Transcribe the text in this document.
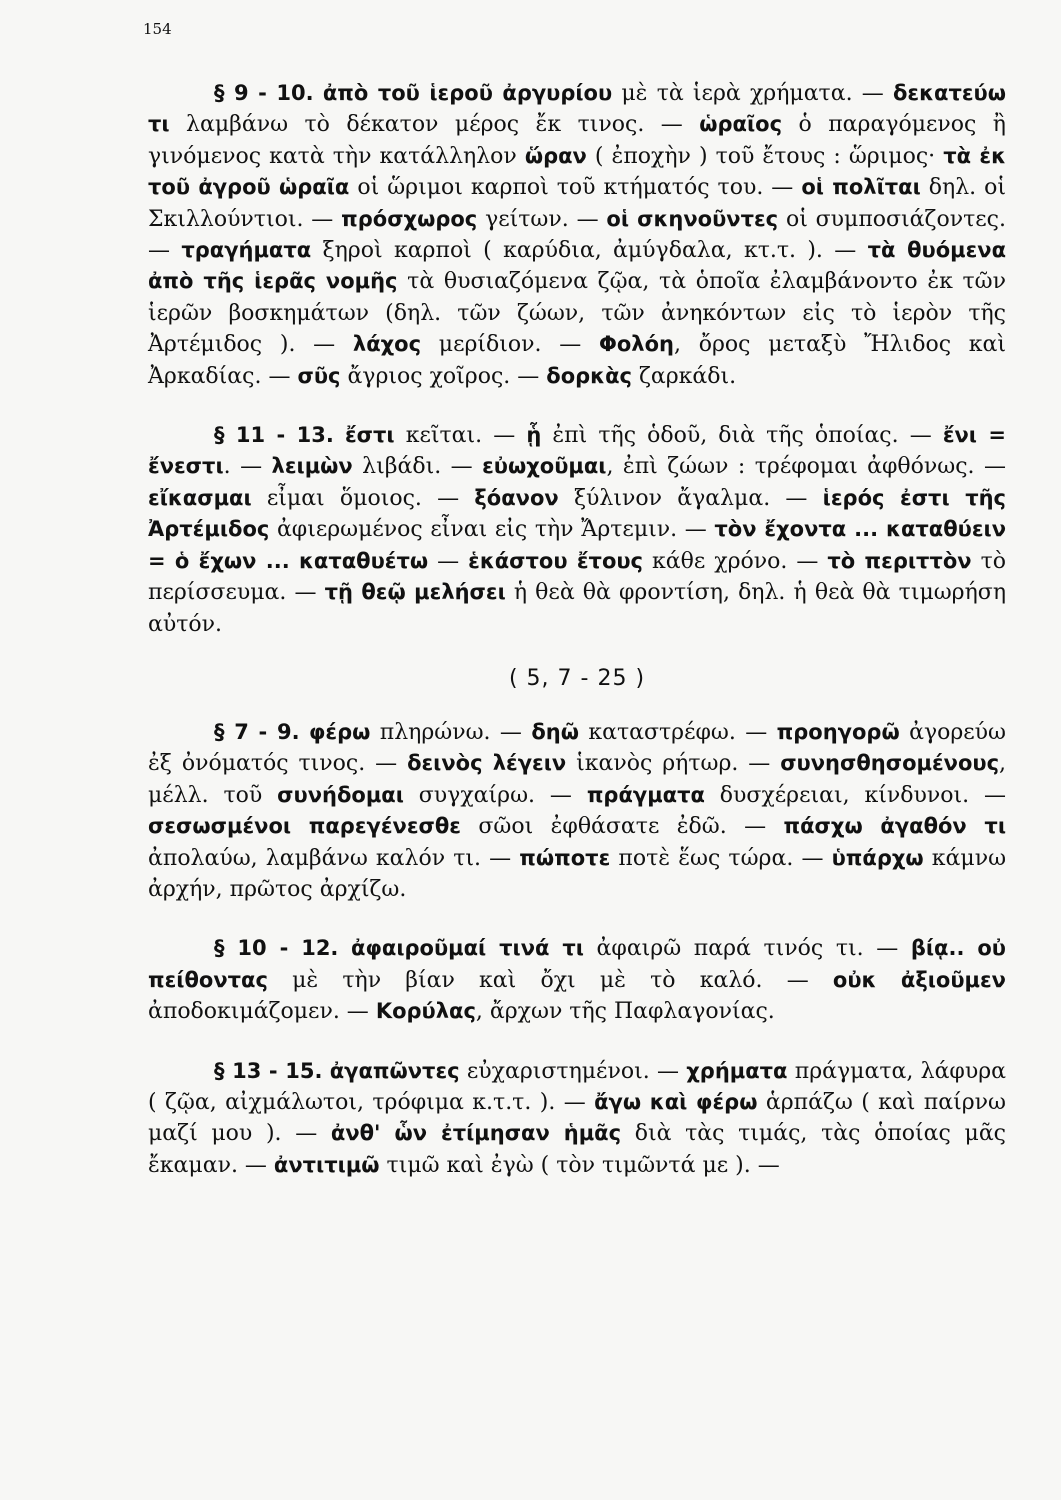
154

§ 9 - 10. ἀπὸ τοῦ ἱεροῦ ἀργυρίου μὲ τὰ ἱερὰ χρήματα. — δεκατεύω τι λαμβάνω τὸ δέκατον μέρος ἔκ τινος. — ὡραῖος ὁ παραγόμενος ἢ γινόμενος κατὰ τὴν κατάλληλον ὥραν ( ἐποχὴν ) τοῦ ἔτους : ὥριμος· τὰ ἐκ τοῦ ἀγροῦ ὡραῖα οἱ ὥριμοι καρποὶ τοῦ κτήματός του. — οἱ πολῖται δηλ. οἱ Σκιλλούντιοι. — πρόσχωρος γείτων. — οἱ σκηνοῦντες οἱ συμποσιάζοντες. — τραγήματα ξηροὶ καρποὶ ( καρύδια, ἀμύγδαλα, κτ.τ. ). — τὰ θυόμενα ἀπὸ τῆς ἱερᾶς νομῆς τὰ θυσιαζόμενα ζῷα, τὰ ὁποῖα ἐλαμβάνοντο ἐκ τῶν ἱερῶν βοσκημάτων (δηλ. τῶν ζώων, τῶν ἀνηκόντων εἰς τὸ ἱερὸν τῆς Ἀρτέμιδος ). — λάχος μερίδιον. — Φολόη, ὄρος μεταξὺ Ἤλιδος καὶ Ἀρκαδίας. — σῦς ἄγριος χοῖρος. — δορκὰς ζαρκάδι.

§ 11 - 13. ἔστι κεῖται. — ᾗ ἐπὶ τῆς ὁδοῦ, διὰ τῆς ὁποίας. — ἔνι = ἔνεστι. — λειμὼν λιβάδι. — εὐωχοῦμαι, ἐπὶ ζώων : τρέφομαι ἀφθόνως. — εἴκασμαι εἶμαι ὅμοιος. — ξόανον ξύλινον ἄγαλμα. — ἱερός ἐστι τῆς Ἀρτέμιδος ἀφιερωμένος εἶναι εἰς τὴν Ἄρτεμιν. — τὸν ἔχοντα ... καταθύειν = ὁ ἔχων ... καταθυέτω — ἑκάστου ἔτους κάθε χρόνο. — τὸ περιττὸν τὸ περίσσευμα. — τῇ θεῷ μελήσει ἡ θεὰ θὰ φροντίση, δηλ. ἡ θεὰ θὰ τιμωρήση αὐτόν.

( 5, 7 - 25 )

§ 7 - 9. φέρω πληρώνω. — δηῶ καταστρέφω. — προηγορῶ ἀγορεύω ἐξ ὀνόματός τινος. — δεινὸς λέγειν ἱκανὸς ρήτωρ. — συνησθησομένους, μέλλ. τοῦ συνήδομαι συγχαίρω. — πράγματα δυσχέρειαι, κίνδυνοι. — σεσωσμένοι παρεγένεσθε σῶοι ἐφθάσατε ἐδῶ. — πάσχω ἀγαθόν τι ἀπολαύω, λαμβάνω καλόν τι. — πώποτε ποτὲ ἕως τώρα. — ὑπάρχω κάμνω ἀρχήν, πρῶτος ἀρχίζω.

§ 10 - 12. ἀφαιροῦμαί τινά τι ἀφαιρῶ παρά τινός τι. — βίᾳ.. οὐ πείθοντας μὲ τὴν βίαν καὶ ὄχι μὲ τὸ καλό. — οὐκ ἀξιοῦμεν ἀποδοκιμάζομεν. — Κορύλας, ἄρχων τῆς Παφλαγονίας.

§ 13 - 15. ἀγαπῶντες εὐχαριστημένοι. — χρήματα πράγματα, λάφυρα ( ζῷα, αἰχμάλωτοι, τρόφιμα κ.τ.τ. ). — ἄγω καὶ φέρω ἁρπάζω ( καὶ παίρνω μαζί μου ). — ἀνθ' ὧν ἐτίμησαν ἡμᾶς διὰ τὰς τιμάς, τὰς ὁποίας μᾶς ἔκαμαν. — ἀντιτιμῶ τιμῶ καὶ ἐγὼ ( τὸν τιμῶντά με ). —
